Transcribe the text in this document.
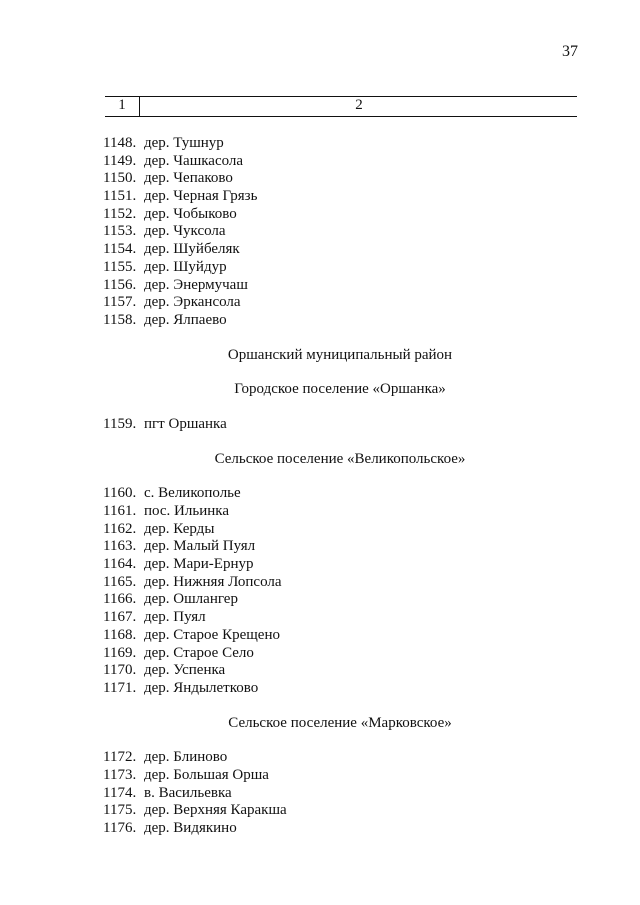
37
1	2
1148. дер. Тушнур
1149. дер. Чашкасола
1150. дер. Чепаково
1151. дер. Черная Грязь
1152. дер. Чобыково
1153. дер. Чуксола
1154. дер. Шуйбеляк
1155. дер. Шуйдур
1156. дер. Энермучаш
1157. дер. Эркансола
1158. дер. Ялпаево
Оршанский муниципальный район
Городское поселение «Оршанка»
1159. пгт Оршанка
Сельское поселение «Великопольское»
1160. с. Великополье
1161. пос. Ильинка
1162. дер. Керды
1163. дер. Малый Пуял
1164. дер. Мари-Ернур
1165. дер. Нижняя Лопсола
1166. дер. Ошлангер
1167. дер. Пуял
1168. дер. Старое Крещено
1169. дер. Старое Село
1170. дер. Успенка
1171. дер. Яндылетково
Сельское поселение «Марковское»
1172. дер. Блиново
1173. дер. Большая Орша
1174. в. Васильевка
1175. дер. Верхняя Каракша
1176. дер. Видякино
